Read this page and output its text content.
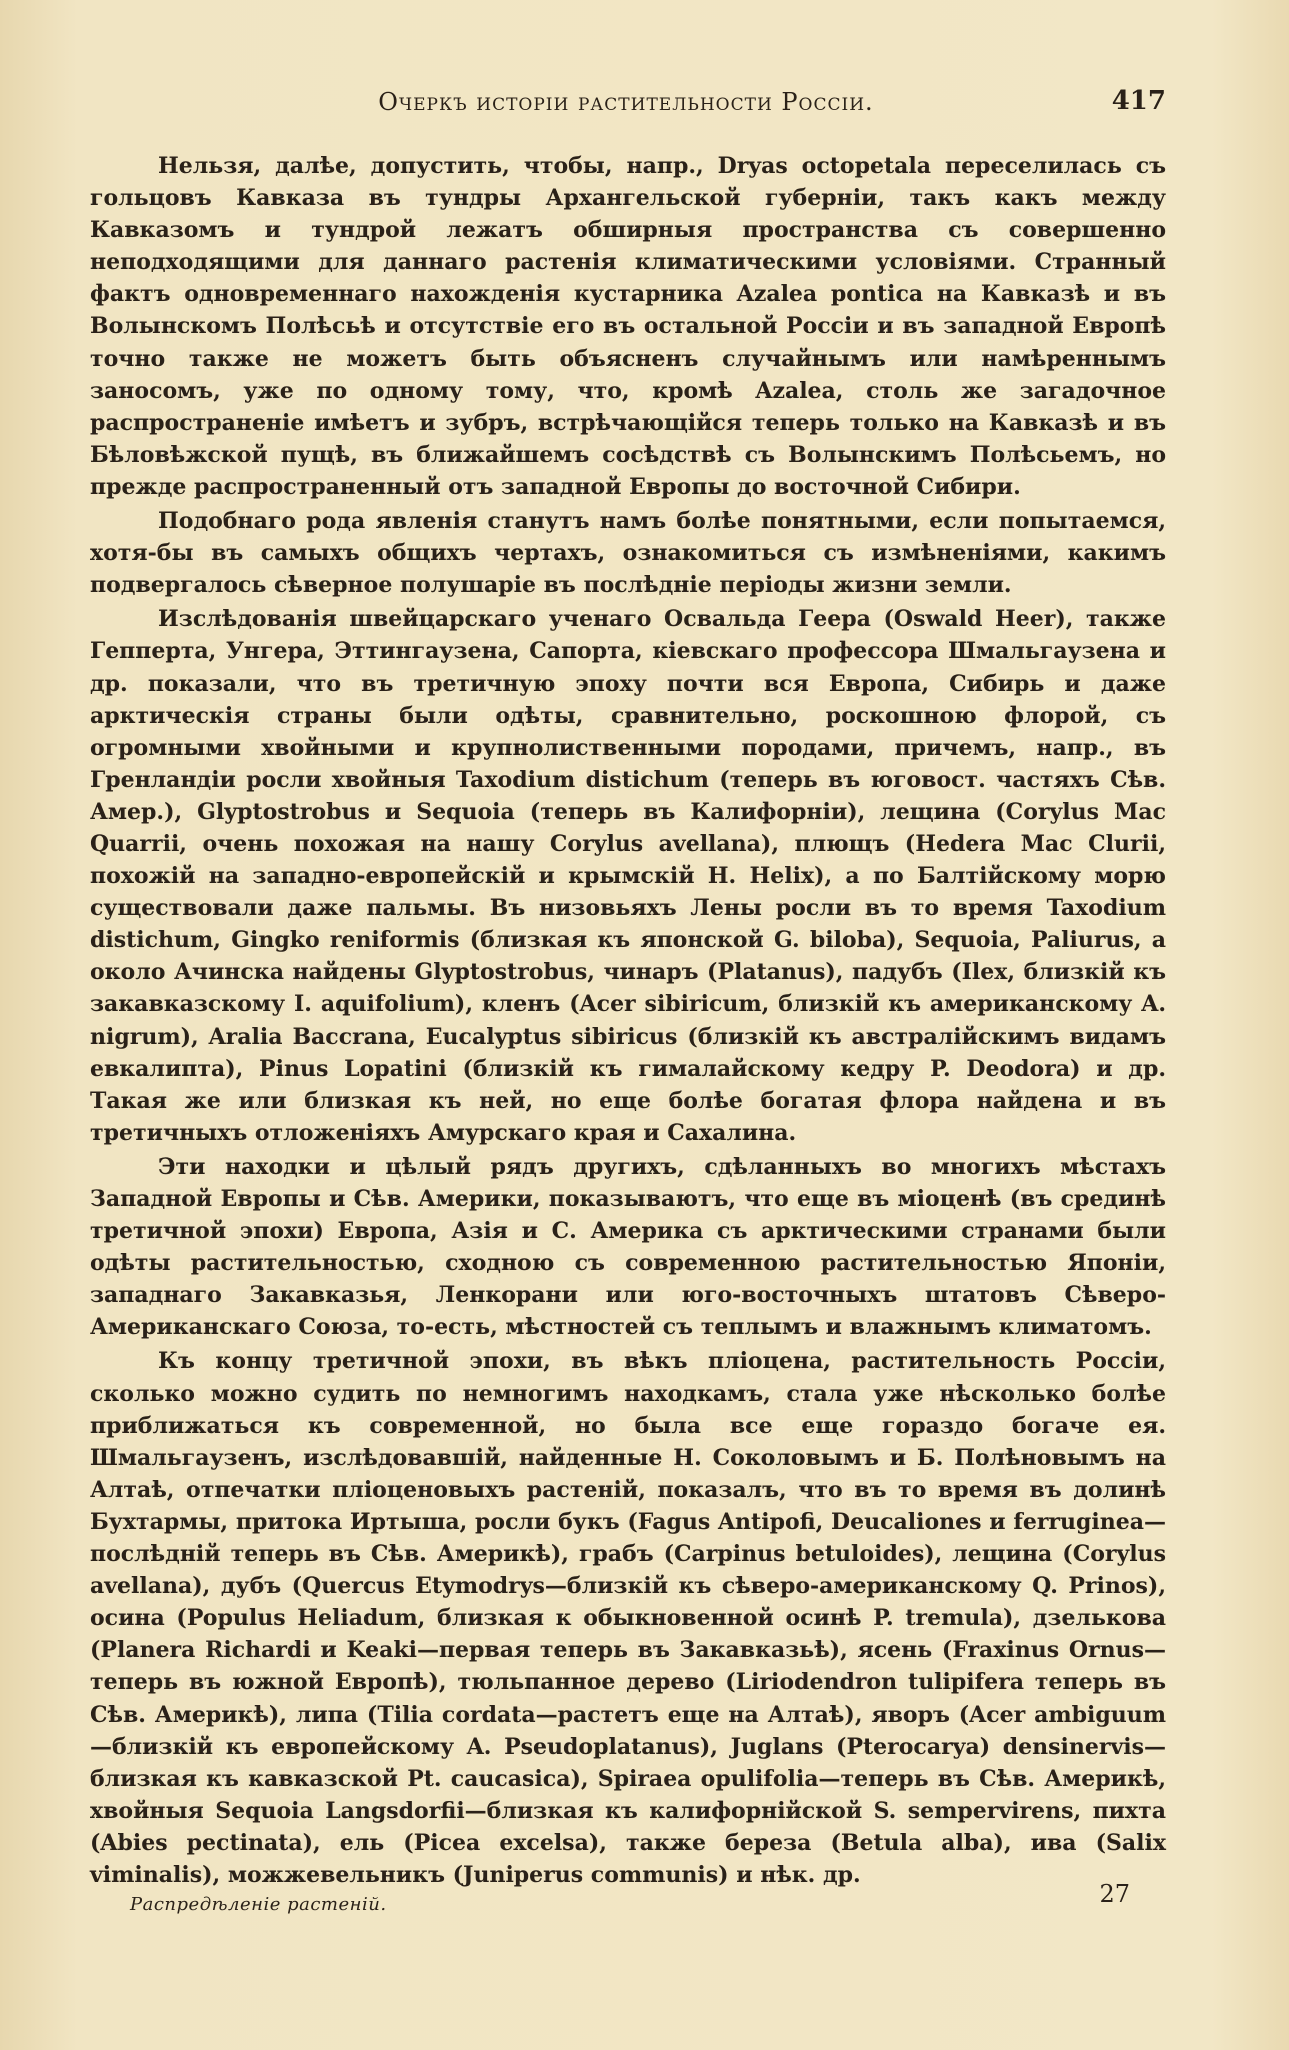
Очеркъ исторіи растительности Россіи.	417

Нельзя, далѣе, допустить, чтобы, напр., Dryas octopetala переселилась съ гольцовъ Кавказа въ тундры Архангельской губерніи, такъ какъ между Кавказомъ и тундрой лежатъ обширныя пространства съ совершенно неподходящими для даннаго растенія климатическими условіями. Странный фактъ одновременнаго нахожденія кустарника Azalea pontica на Кавказѣ и въ Волынскомъ Полѣсьѣ и отсутствіе его въ остальной Россіи и въ западной Европѣ точно также не можетъ быть объясненъ случайнымъ или намѣреннымъ заносомъ, уже по одному тому, что, кромѣ Azalea, столь же загадочное распространеніе имѣетъ и зубръ, встрѣчающійся теперь только на Кавказѣ и въ Бѣловѣжской пущѣ, въ ближайшемъ сосѣдствѣ съ Волынскимъ Полѣсьемъ, но прежде распространенный отъ западной Европы до восточной Сибири.

Подобнаго рода явленія станутъ намъ болѣе понятными, если попытаемся, хотя-бы въ самыхъ общихъ чертахъ, ознакомиться съ измѣненіями, какимъ подвергалось сѣверное полушаріе въ послѣдніе періоды жизни земли.

Изслѣдованія швейцарскаго ученаго Освальда Геера (Oswald Heer), также Гепперта, Унгера, Эттингаузена, Сапорта, кіевскаго профессора Шмальгаузена и др. показали, что въ третичную эпоху почти вся Европа, Сибирь и даже арктическія страны были одѣты, сравнительно, роскошною флорой, съ огромными хвойными и крупнолиственными породами, причемъ, напр., въ Гренландіи росли хвойныя Taxodium distichum (теперь въ юговост. частяхъ Сѣв. Амер.), Glyptostrobus и Sequoia (теперь въ Калифорніи), лещина (Corylus Mac Quarrii, очень похожая на нашу Corylus avellana), плющъ (Hedera Mac Clurii, похожій на западно-европейскій и крымскій H. Helix), а по Балтійскому морю существовали даже пальмы. Въ низовьяхъ Лены росли въ то время Taxodium distichum, Gingko reniformis (близкая къ японской G. biloba), Sequoia, Paliurus, а около Ачинска найдены Glyptostrobus, чинаръ (Platanus), падубъ (Ilex, близкій къ закавказскому I. aquifolium), кленъ (Acer sibiricum, близкій къ американскому A. nigrum), Aralia Baccrana, Eucalyptus sibiricus (близкій къ австралійскимъ видамъ евкалипта), Pinus Lopatini (близкій къ гималайскому кедру P. Deodora) и др. Такая же или близкая къ ней, но еще болѣе богатая флора найдена и въ третичныхъ отложеніяхъ Амурскаго края и Сахалина.

Эти находки и цѣлый рядъ другихъ, сдѣланныхъ во многихъ мѣстахъ Западной Европы и Сѣв. Америки, показываютъ, что еще въ міоценѣ (въ срединѣ третичной эпохи) Европа, Азія и С. Америка съ арктическими странами были одѣты растительностью, сходною съ современною растительностью Японіи, западнаго Закавказья, Ленкорани или юго-восточныхъ штатовъ Сѣверо-Американскаго Союза, то-есть, мѣстностей съ теплымъ и влажнымъ климатомъ.

Къ концу третичной эпохи, въ вѣкъ пліоцена, растительность Россіи, сколько можно судить по немногимъ находкамъ, стала уже нѣсколько болѣе приближаться къ современной, но была все еще гораздо богаче ея. Шмальгаузенъ, изслѣдовавшій, найденные Н. Соколовымъ и Б. Полѣновымъ на Алтаѣ, отпечатки пліоценовыхъ растеній, показалъ, что въ то время въ долинѣ Бухтармы, притока Иртыша, росли букъ (Fagus Antipofi, Deucaliones и ferruginea— послѣдній теперь въ Сѣв. Америкѣ), грабъ (Carpinus betuloides), лещина (Corylus avellana), дубъ (Quercus Etymodrys—близкій къ сѣверо-американскому Q. Prinos), осина (Populus Heliadum, близкая к обыкновенной осинѣ P. tremula), дзелькова (Planera Richardi и Keaki—первая теперь въ Закавказьѣ), ясень (Fraxinus Ornus—теперь въ южной Европѣ), тюльпанное дерево (Liriodendron tulipifera теперь въ Сѣв. Америкѣ), липа (Tilia cordata—растетъ еще на Алтаѣ), яворъ (Acer ambiguum—близкій къ европейскому A. Pseudoplatanus), Juglans (Pterocarya) densinervis— близкая къ кавказской Pt. caucasica), Spiraea opulifolia—теперь въ Сѣв. Америкѣ, хвойныя Sequoia Langsdorfii—близкая къ калифорнійской S. sempervirens, пихта (Abies pectinata), ель (Picea excelsa), также береза (Betula alba), ива (Salix viminalis), можжевельникъ (Juniperus communis) и нѣк. др.

Распредѣленіе растеній.	27
